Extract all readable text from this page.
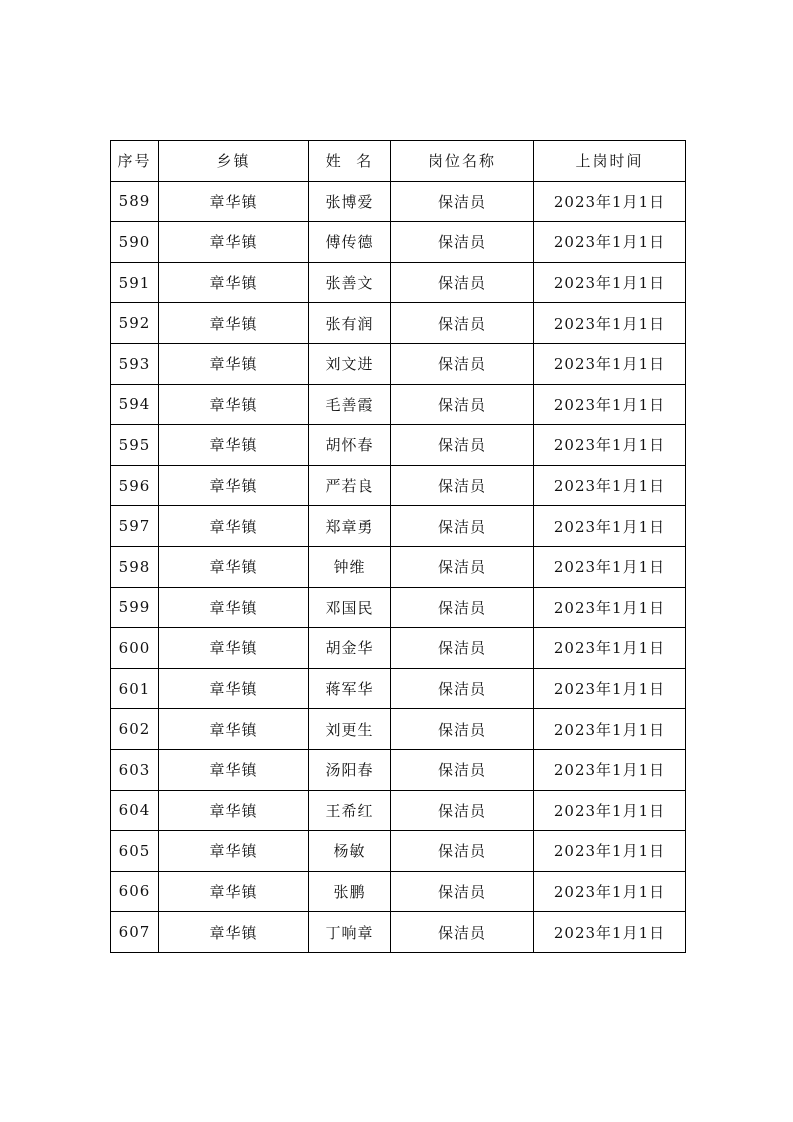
序号	乡镇	姓  名	岗位名称	上岗时间
589	章华镇	张博爱	保洁员	2023年1月1日
590	章华镇	傅传德	保洁员	2023年1月1日
591	章华镇	张善文	保洁员	2023年1月1日
592	章华镇	张有润	保洁员	2023年1月1日
593	章华镇	刘文进	保洁员	2023年1月1日
594	章华镇	毛善霞	保洁员	2023年1月1日
595	章华镇	胡怀春	保洁员	2023年1月1日
596	章华镇	严若良	保洁员	2023年1月1日
597	章华镇	郑章勇	保洁员	2023年1月1日
598	章华镇	钟维	保洁员	2023年1月1日
599	章华镇	邓国民	保洁员	2023年1月1日
600	章华镇	胡金华	保洁员	2023年1月1日
601	章华镇	蒋军华	保洁员	2023年1月1日
602	章华镇	刘更生	保洁员	2023年1月1日
603	章华镇	汤阳春	保洁员	2023年1月1日
604	章华镇	王希红	保洁员	2023年1月1日
605	章华镇	杨敏	保洁员	2023年1月1日
606	章华镇	张鹏	保洁员	2023年1月1日
607	章华镇	丁响章	保洁员	2023年1月1日
